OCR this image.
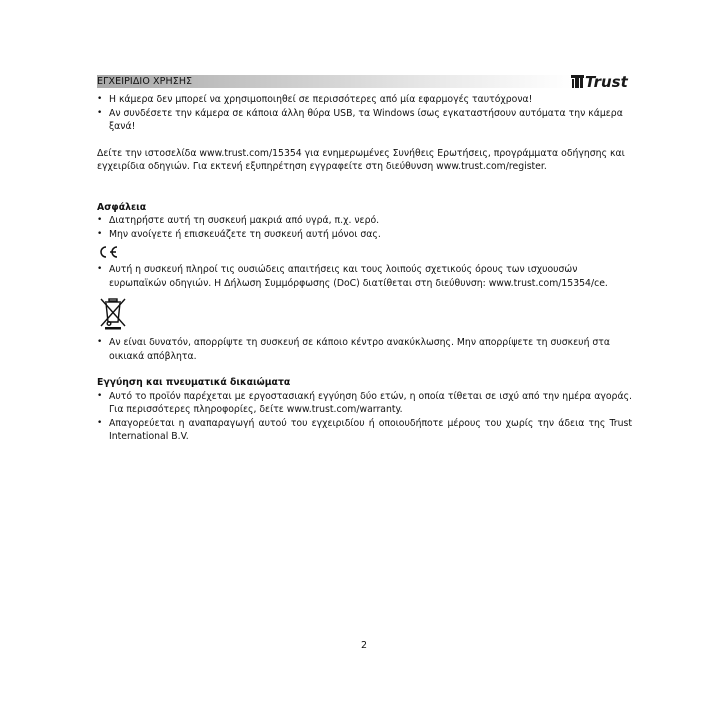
ΕΓΧΕΙΡΙΔΙΟ ΧΡΗΣΗΣ	Trust
• Η κάμερα δεν μπορεί να χρησιμοποιηθεί σε περισσότερες από μία εφαρμογές ταυτόχρονα!
• Αν συνδέσετε την κάμερα σε κάποια άλλη θύρα USB, τα Windows ίσως εγκαταστήσουν αυτόματα την κάμερα ξανά!

Δείτε την ιστοσελίδα www.trust.com/15354 για ενημερωμένες Συνήθεις Ερωτήσεις, προγράμματα οδήγησης και εγχειρίδια οδηγιών. Για εκτενή εξυπηρέτηση εγγραφείτε στη διεύθυνση www.trust.com/register.

Ασφάλεια

• Διατηρήστε αυτή τη συσκευή μακριά από υγρά, π.χ. νερό.
• Μην ανοίγετε ή επισκευάζετε τη συσκευή αυτή μόνοι σας.
• Αυτή η συσκευή πληροί τις ουσιώδεις απαιτήσεις και τους λοιπούς σχετικούς όρους των ισχυουσών ευρωπαϊκών οδηγιών. Η Δήλωση Συμμόρφωσης (DoC) διατίθεται στη διεύθυνση: www.trust.com/15354/ce.
• Αν είναι δυνατόν, απορρίψτε τη συσκευή σε κάποιο κέντρο ανακύκλωσης. Μην απορρίψετε τη συσκευή στα οικιακά απόβλητα.

Εγγύηση και πνευματικά δικαιώματα

• Αυτό το προϊόν παρέχεται με εργοστασιακή εγγύηση δύο ετών, η οποία τίθεται σε ισχύ από την ημέρα αγοράς. Για περισσότερες πληροφορίες, δείτε www.trust.com/warranty.
• Απαγορεύεται η αναπαραγωγή αυτού του εγχειριδίου ή οποιουδήποτε μέρους του χωρίς την άδεια της Trust International B.V.
2
